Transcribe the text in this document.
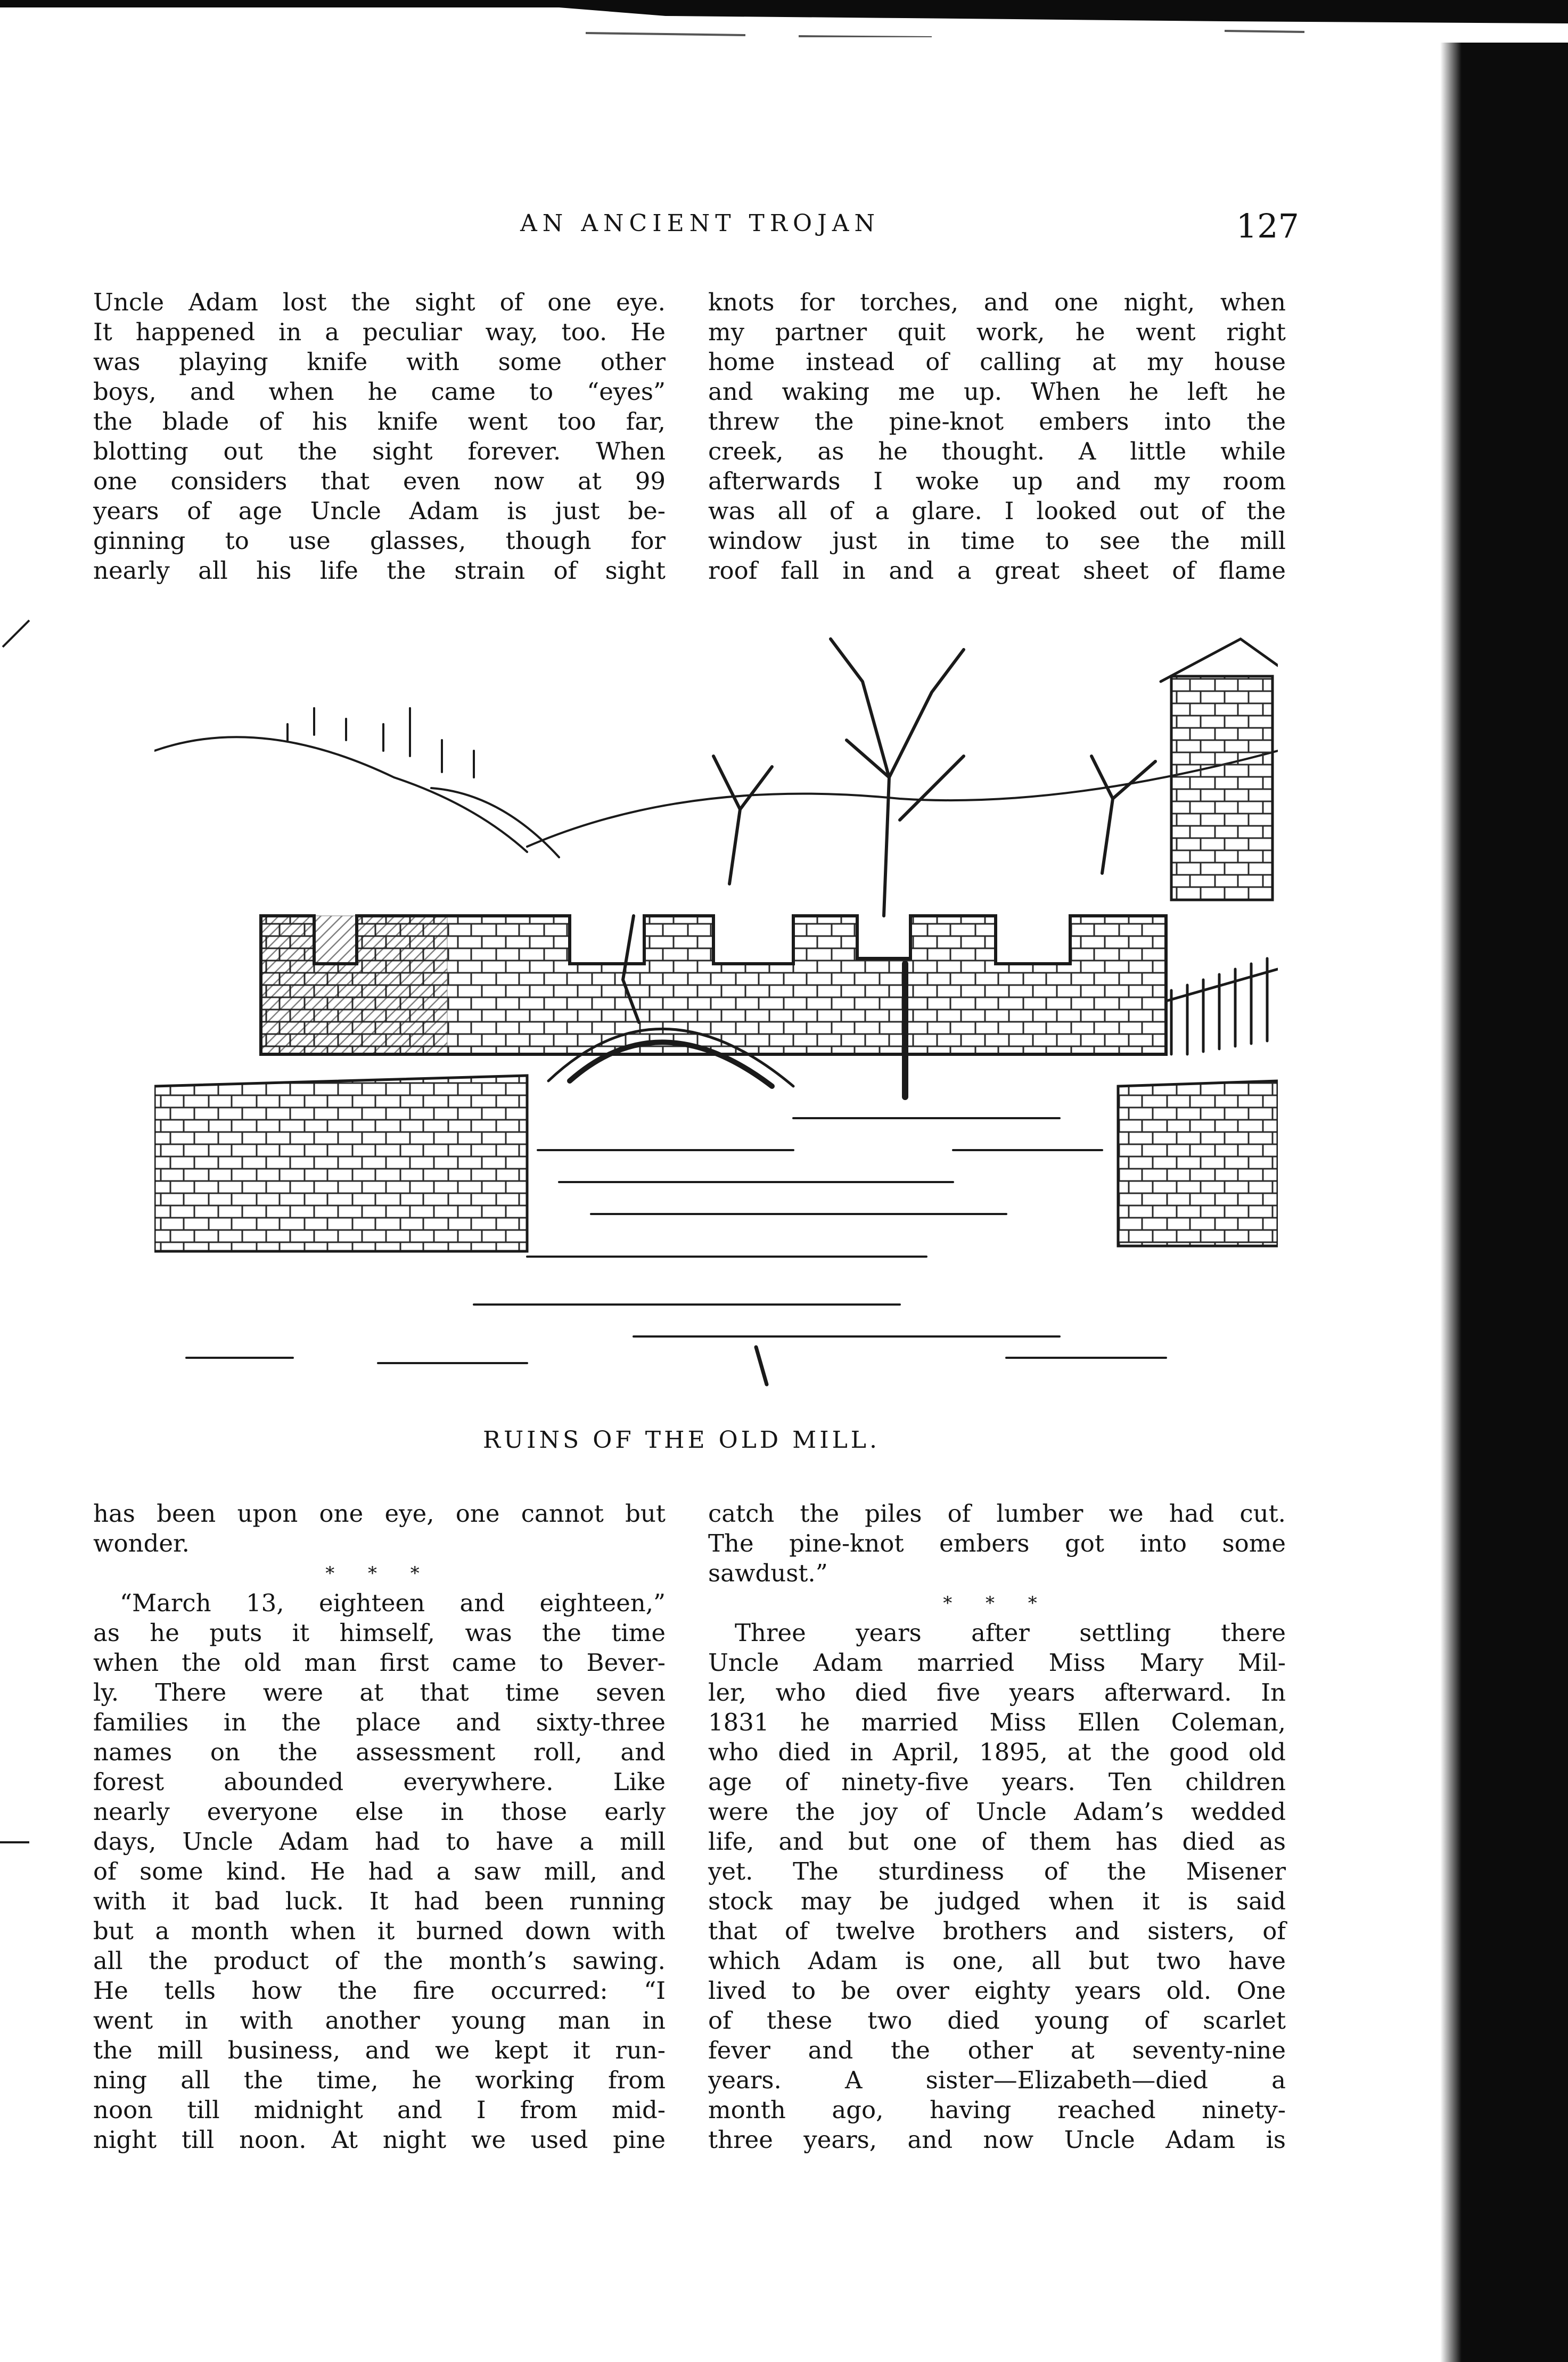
AN ANCIENT TROJAN	127

Uncle Adam lost the sight of one eye.

It happened in a peculiar way, too. He

was playing knife with some other

boys, and when he came to “eyes”

the blade of his knife went too far,

blotting out the sight forever. When

one considers that even now at 99

years of age Uncle Adam is just be-

ginning to use glasses, though for

nearly all his life the strain of sight

knots for torches, and one night, when

my partner quit work, he went right

home instead of calling at my house

and waking me up. When he left he

threw the pine-knot embers into the

creek, as he thought. A little while

afterwards I woke up and my room

was all of a glare. I looked out of the

window just in time to see the mill

roof fall in and a great sheet of flame

RUINS OF THE OLD MILL.

has been upon one eye, one cannot but

wonder.

* * *

“March 13, eighteen and eighteen,”

as he puts it himself, was the time

when the old man first came to Bever-

ly. There were at that time seven

families in the place and sixty-three

names on the assessment roll, and

forest abounded everywhere. Like

nearly everyone else in those early

days, Uncle Adam had to have a mill

of some kind. He had a saw mill, and

with it bad luck. It had been running

but a month when it burned down with

all the product of the month’s sawing.

He tells how the fire occurred: “I

went in with another young man in

the mill business, and we kept it run-

ning all the time, he working from

noon till midnight and I from mid-

night till noon. At night we used pine

catch the piles of lumber we had cut.

The pine-knot embers got into some

sawdust.”

* * *

Three years after settling there

Uncle Adam married Miss Mary Mil-

ler, who died five years afterward. In

1831 he married Miss Ellen Coleman,

who died in April, 1895, at the good old

age of ninety-five years. Ten children

were the joy of Uncle Adam’s wedded

life, and but one of them has died as

yet. The sturdiness of the Misener

stock may be judged when it is said

that of twelve brothers and sisters, of

which Adam is one, all but two have

lived to be over eighty years old. One

of these two died young of scarlet

fever and the other at seventy-nine

years. A sister—Elizabeth—died a

month ago, having reached ninety-

three years, and now Uncle Adam is
